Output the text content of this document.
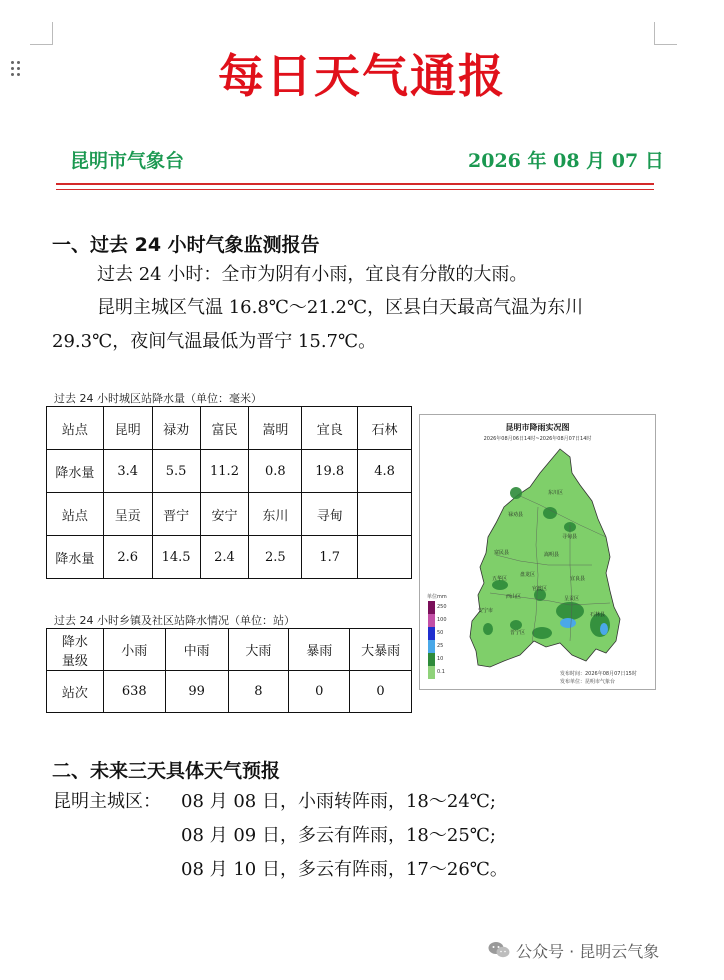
每日天气通报
昆明市气象台	2026 年 08 月 07 日
一、过去 24 小时气象监测报告
过去 24 小时：全市为阴有小雨，宜良有分散的大雨。
昆明主城区气温 16.8℃～21.2℃，区县白天最高气温为东川
29.3℃，夜间气温最低为晋宁 15.7℃。
过去 24 小时城区站降水量（单位：毫米）
站点	昆明	禄劝	富民	嵩明	宜良	石林
降水量	3.4	5.5	11.2	0.8	19.8	4.8
站点	呈贡	晋宁	安宁	东川	寻甸	
降水量	2.6	14.5	2.4	2.5	1.7	
过去 24 小时乡镇及社区站降水情况（单位：站）
降水
量级	小雨	中雨	大雨	暴雨	大暴雨
站次	638	99	8	0	0
昆明市降雨实况图
2026年08月06日14时~2026年08月07日14时
单位mm
250
100
50
25
10
0.1	发布时间：2026年08月07日15时
发布单位：昆明市气象台
东川区
禄劝县
寻甸县
富民县	嵩明县
五华区
盘龙区
官渡区
西山区
安宁市
呈贡区
晋宁区
宜良县
石林县
二、未来三天具体天气预报
昆明主城区： 08 月 08 日，小雨转阵雨，18～24℃;
08 月 09 日，多云有阵雨，18～25℃;
08 月 10 日，多云有阵雨，17～26℃。
公众号 · 昆明云气象
